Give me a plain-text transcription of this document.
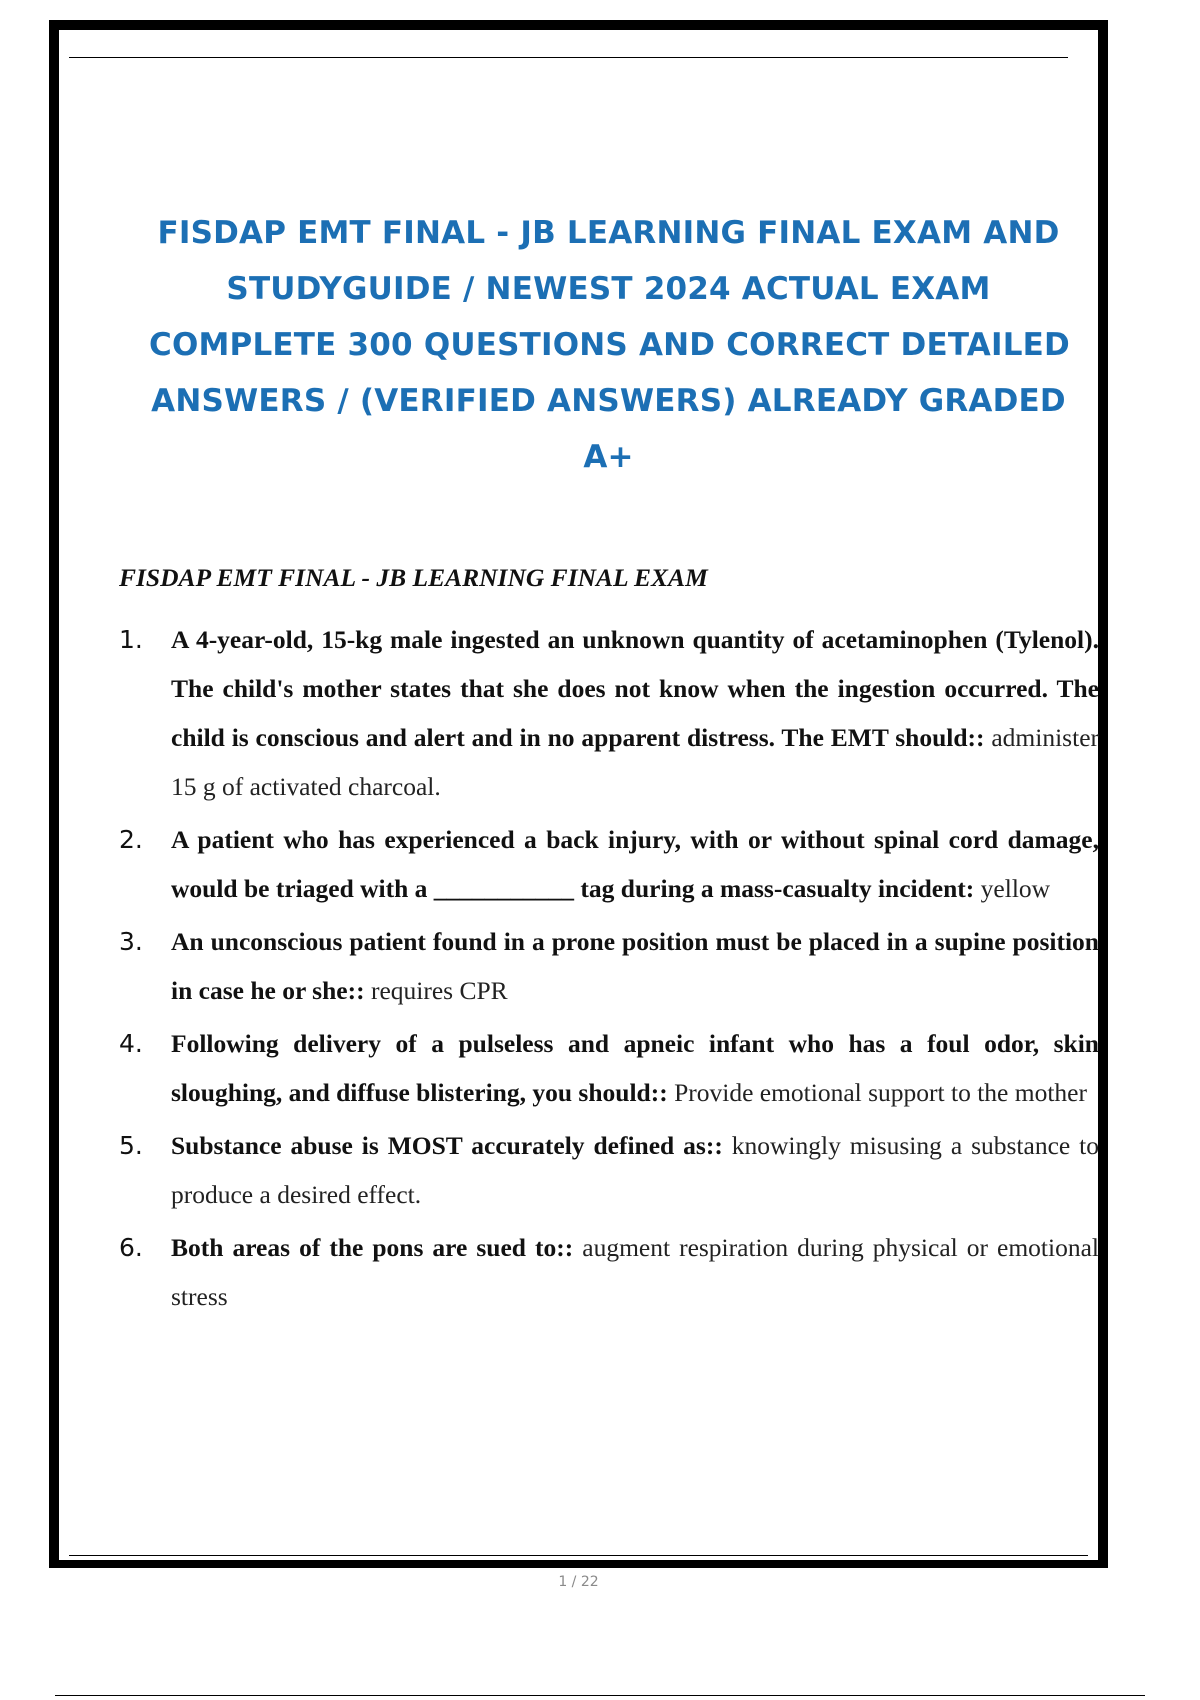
FISDAP EMT FINAL - JB LEARNING FINAL EXAM AND
STUDYGUIDE / NEWEST 2024 ACTUAL EXAM
COMPLETE 300 QUESTIONS AND CORRECT DETAILED
ANSWERS / (VERIFIED ANSWERS) ALREADY GRADED
A+
FISDAP EMT FINAL - JB LEARNING FINAL EXAM
1. A 4-year-old, 15-kg male ingested an unknown quantity of acetaminophen (Tylenol). The child's mother states that she does not know when the ingestion occurred. The child is conscious and alert and in no apparent distress. The EMT should:: administer 15 g of activated charcoal.
2. A patient who has experienced a back injury, with or without spinal cord damage, would be triaged with a ___________ tag during a mass-casualty incident: yellow
3. An unconscious patient found in a prone position must be placed in a supine position in case he or she:: requires CPR
4. Following delivery of a pulseless and apneic infant who has a foul odor, skin sloughing, and diffuse blistering, you should:: Provide emotional support to the mother
5. Substance abuse is MOST accurately defined as:: knowingly misusing a substance to produce a desired effect.
6. Both areas of the pons are sued to:: augment respiration during physical or emotional stress
1 / 22
